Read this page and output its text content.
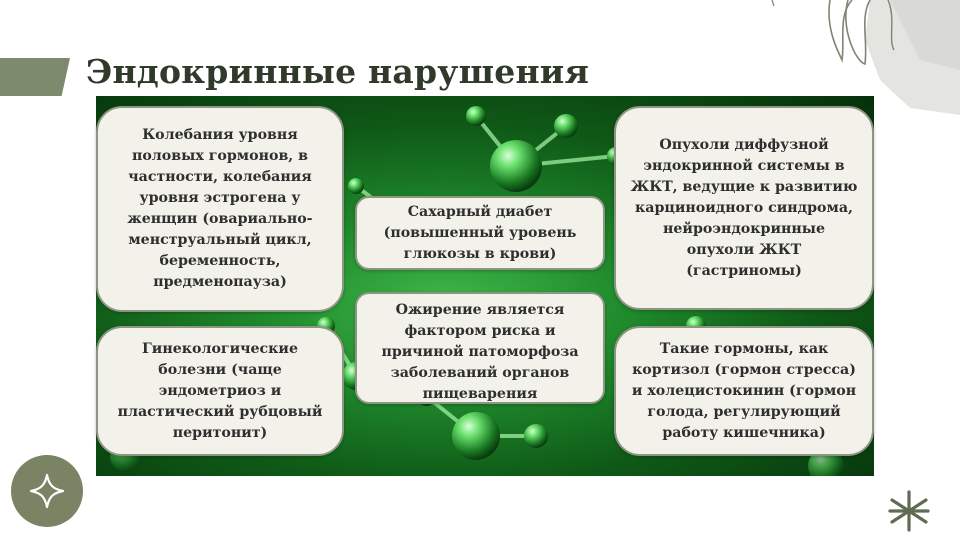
Эндокринные нарушения
Колебания уровня половых гормонов, в частности, колебания уровня эстрогена у женщин (овариально-менструальный цикл, беременность, предменопауза)
Сахарный диабет (повышенный уровень глюкозы в крови)
Ожирение является фактором риска и причиной патоморфоза заболеваний органов пищеварения
Опухоли диффузной эндокринной системы в ЖКТ, ведущие к развитию карциноидного синдрома, нейроэндокринные опухоли ЖКТ (гастриномы)
Гинекологические болезни (чаще эндометриоз и пластический рубцовый перитонит)
Такие гормоны, как кортизол (гормон стресса) и холецистокинин (гормон голода, регулирующий работу кишечника)
